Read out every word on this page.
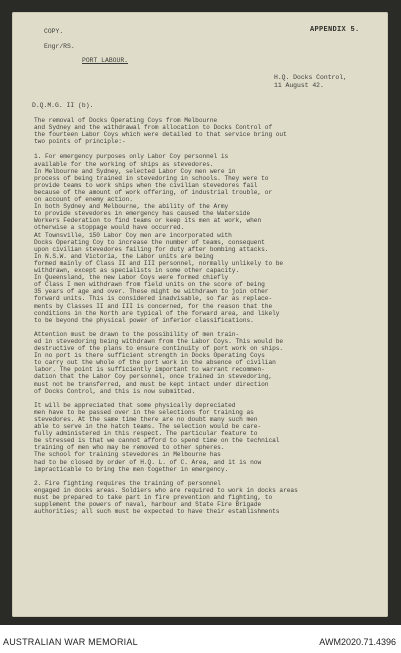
COPY.
Engr/RS.
PORT LABOUR.
APPENDIX 5.
H.Q. Docks Control,
11 August 42.
D.Q.M.G. II (b).
The removal of Docks Operating Coys from Melbourne
and Sydney and the withdrawal from allocation to Docks Control of
the fourteen Labor Coys which were detailed to that service bring out
two points of principle:-
1. For emergency purposes only Labor Coy personnel is
available for the working of ships as stevedores.
In Melbourne and Sydney, selected Labor Coy men were in
process of being trained in stevedoring in schools. They were to
provide teams to work ships when the civilian stevedores fail
because of the amount of work offering, of industrial trouble, or
on account of enemy action.
In both Sydney and Melbourne, the ability of the Army
to provide stevedores in emergency has caused the Waterside
Workers Federation to find teams or keep its men at work, when
otherwise a stoppage would have occurred.
At Townsville, 150 Labor Coy men are incorporated with
Docks Operating Coy to increase the number of teams, consequent
upon civilian stevedores failing for duty after bombing attacks.
In N.S.W. and Victoria, the Labor units are being
formed mainly of Class II and III personnel, normally unlikely to be
withdrawn, except as specialists in some other capacity.
In Queensland, the new Labor Coys were formed chiefly
of Class I men withdrawn from field units on the score of being
35 years of age and over. These might be withdrawn to join other
forward units. This is considered inadvisable, so far as replace-
ments by Classes II and III is concerned, for the reason that the
conditions in the North are typical of the forward area, and likely
to be beyond the physical power of inferior classifications.
Attention must be drawn to the possibility of men train-
ed in stevedoring being withdrawn from the Labor Coys. This would be
destructive of the plans to ensure continuity of port work on ships.
In no port is there sufficient strength in Docks Operating Coys
to carry out the whole of the port work in the absence of civilian
labor. The point is sufficiently important to warrant recommen-
dation that the Labor Coy personnel, once trained in stevedoring,
must not be transferred, and must be kept intact under direction
of Docks Control, and this is now submitted.
It will be appreciated that some physically depreciated
men have to be passed over in the selections for training as
stevedores. At the same time there are no doubt many such men
able to serve in the hatch teams. The selection would be care-
fully administered in this respect. The particular feature to
be stressed is that we cannot afford to spend time on the technical
training of men who may be removed to other spheres.
The school for training stevedores in Melbourne has
had to be closed by order of H.Q. L. of C. Area, and it is now
impracticable to bring the men together in emergency.
2. Fire fighting requires the training of personnel
engaged in docks areas. Soldiers who are required to work in docks areas
must be prepared to take part in fire prevention and fighting, to
supplement the powers of naval, harbour and State Fire Brigade
authorities; all such must be expected to have their establishments
AUSTRALIAN WAR MEMORIAL	AWM2020.71.4396
